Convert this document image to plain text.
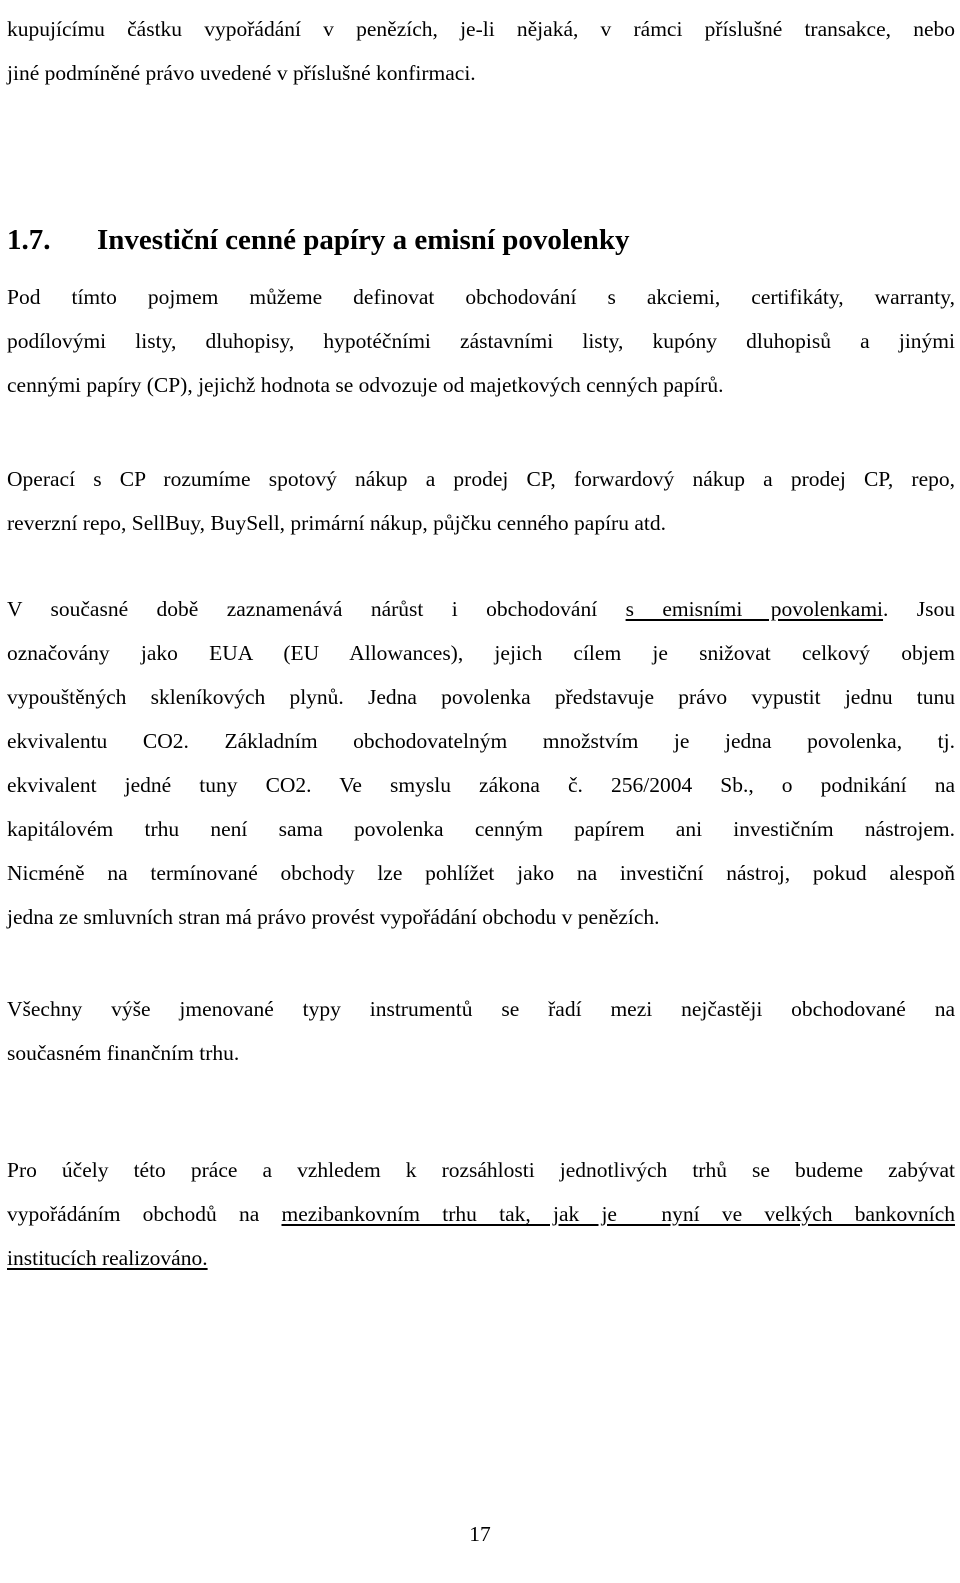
kupujícímu částku vypořádání v penězích, je-li nějaká, v rámci příslušné transakce, nebo
jiné podmíněné právo uvedené v příslušné konfirmaci.
1.7. Investiční cenné papíry a emisní povolenky
Pod tímto pojmem můžeme definovat obchodování s akciemi, certifikáty, warranty,
podílovými listy, dluhopisy, hypotéčními zástavními listy, kupóny dluhopisů a jinými
cennými papíry (CP), jejichž hodnota se odvozuje od majetkových cenných papírů.
Operací s CP rozumíme spotový nákup a prodej CP, forwardový nákup a prodej CP, repo,
reverzní repo, SellBuy, BuySell, primární nákup, půjčku cenného papíru atd.
V současné době zaznamenává nárůst i obchodování s emisními povolenkami. Jsou
označovány jako EUA (EU Allowances), jejich cílem je snižovat celkový objem
vypouštěných skleníkových plynů. Jedna povolenka představuje právo vypustit jednu tunu
ekvivalentu CO2. Základním obchodovatelným množstvím je jedna povolenka, tj.
ekvivalent jedné tuny CO2. Ve smyslu zákona č. 256/2004 Sb., o podnikání na
kapitálovém trhu není sama povolenka cenným papírem ani investičním nástrojem.
Nicméně na termínované obchody lze pohlížet jako na investiční nástroj, pokud alespoň
jedna ze smluvních stran má právo provést vypořádání obchodu v penězích.
Všechny výše jmenované typy instrumentů se řadí mezi nejčastěji obchodované na
současném finančním trhu.
Pro účely této práce a vzhledem k rozsáhlosti jednotlivých trhů se budeme zabývat
vypořádáním obchodů na mezibankovním trhu tak, jak je  nyní ve velkých bankovních
institucích realizováno.
17
